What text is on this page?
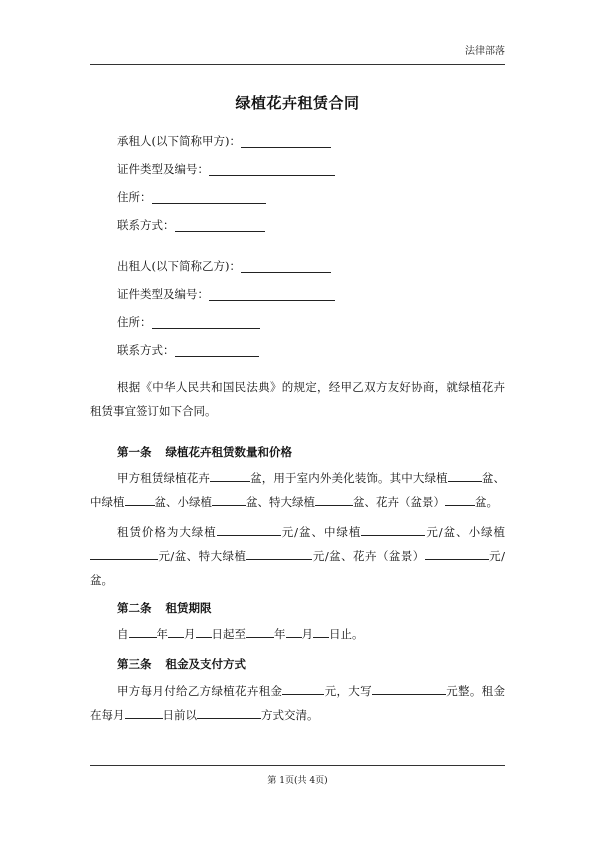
法律部落
绿植花卉租赁合同
承租人(以下简称甲方)：
证件类型及编号：
住所：
联系方式：
出租人(以下简称乙方)：
证件类型及编号：
住所：
联系方式：
根据《中华人民共和国民法典》的规定，经甲乙双方友好协商，就绿植花卉租赁事宜签订如下合同。
第一条 绿植花卉租赁数量和价格
甲方租赁绿植花卉	盆，用于室内外美化装饰。其中大绿植	盆、中绿植	盆、小绿植	盆、特大绿植	盆、花卉（盆景）	盆。
租赁价格为大绿植	元/盆、中绿植	元/盆、小绿植元/盆、特大绿植	元/盆、花卉（盆景）	元/盆。
第二条 租赁期限
自 年 月 日起至 年 月 日止。
第三条 租金及支付方式
甲方每月付给乙方绿植花卉租金	元，大写	元整。租金在每月	日前以	方式交清。
第 1页(共 4页)
